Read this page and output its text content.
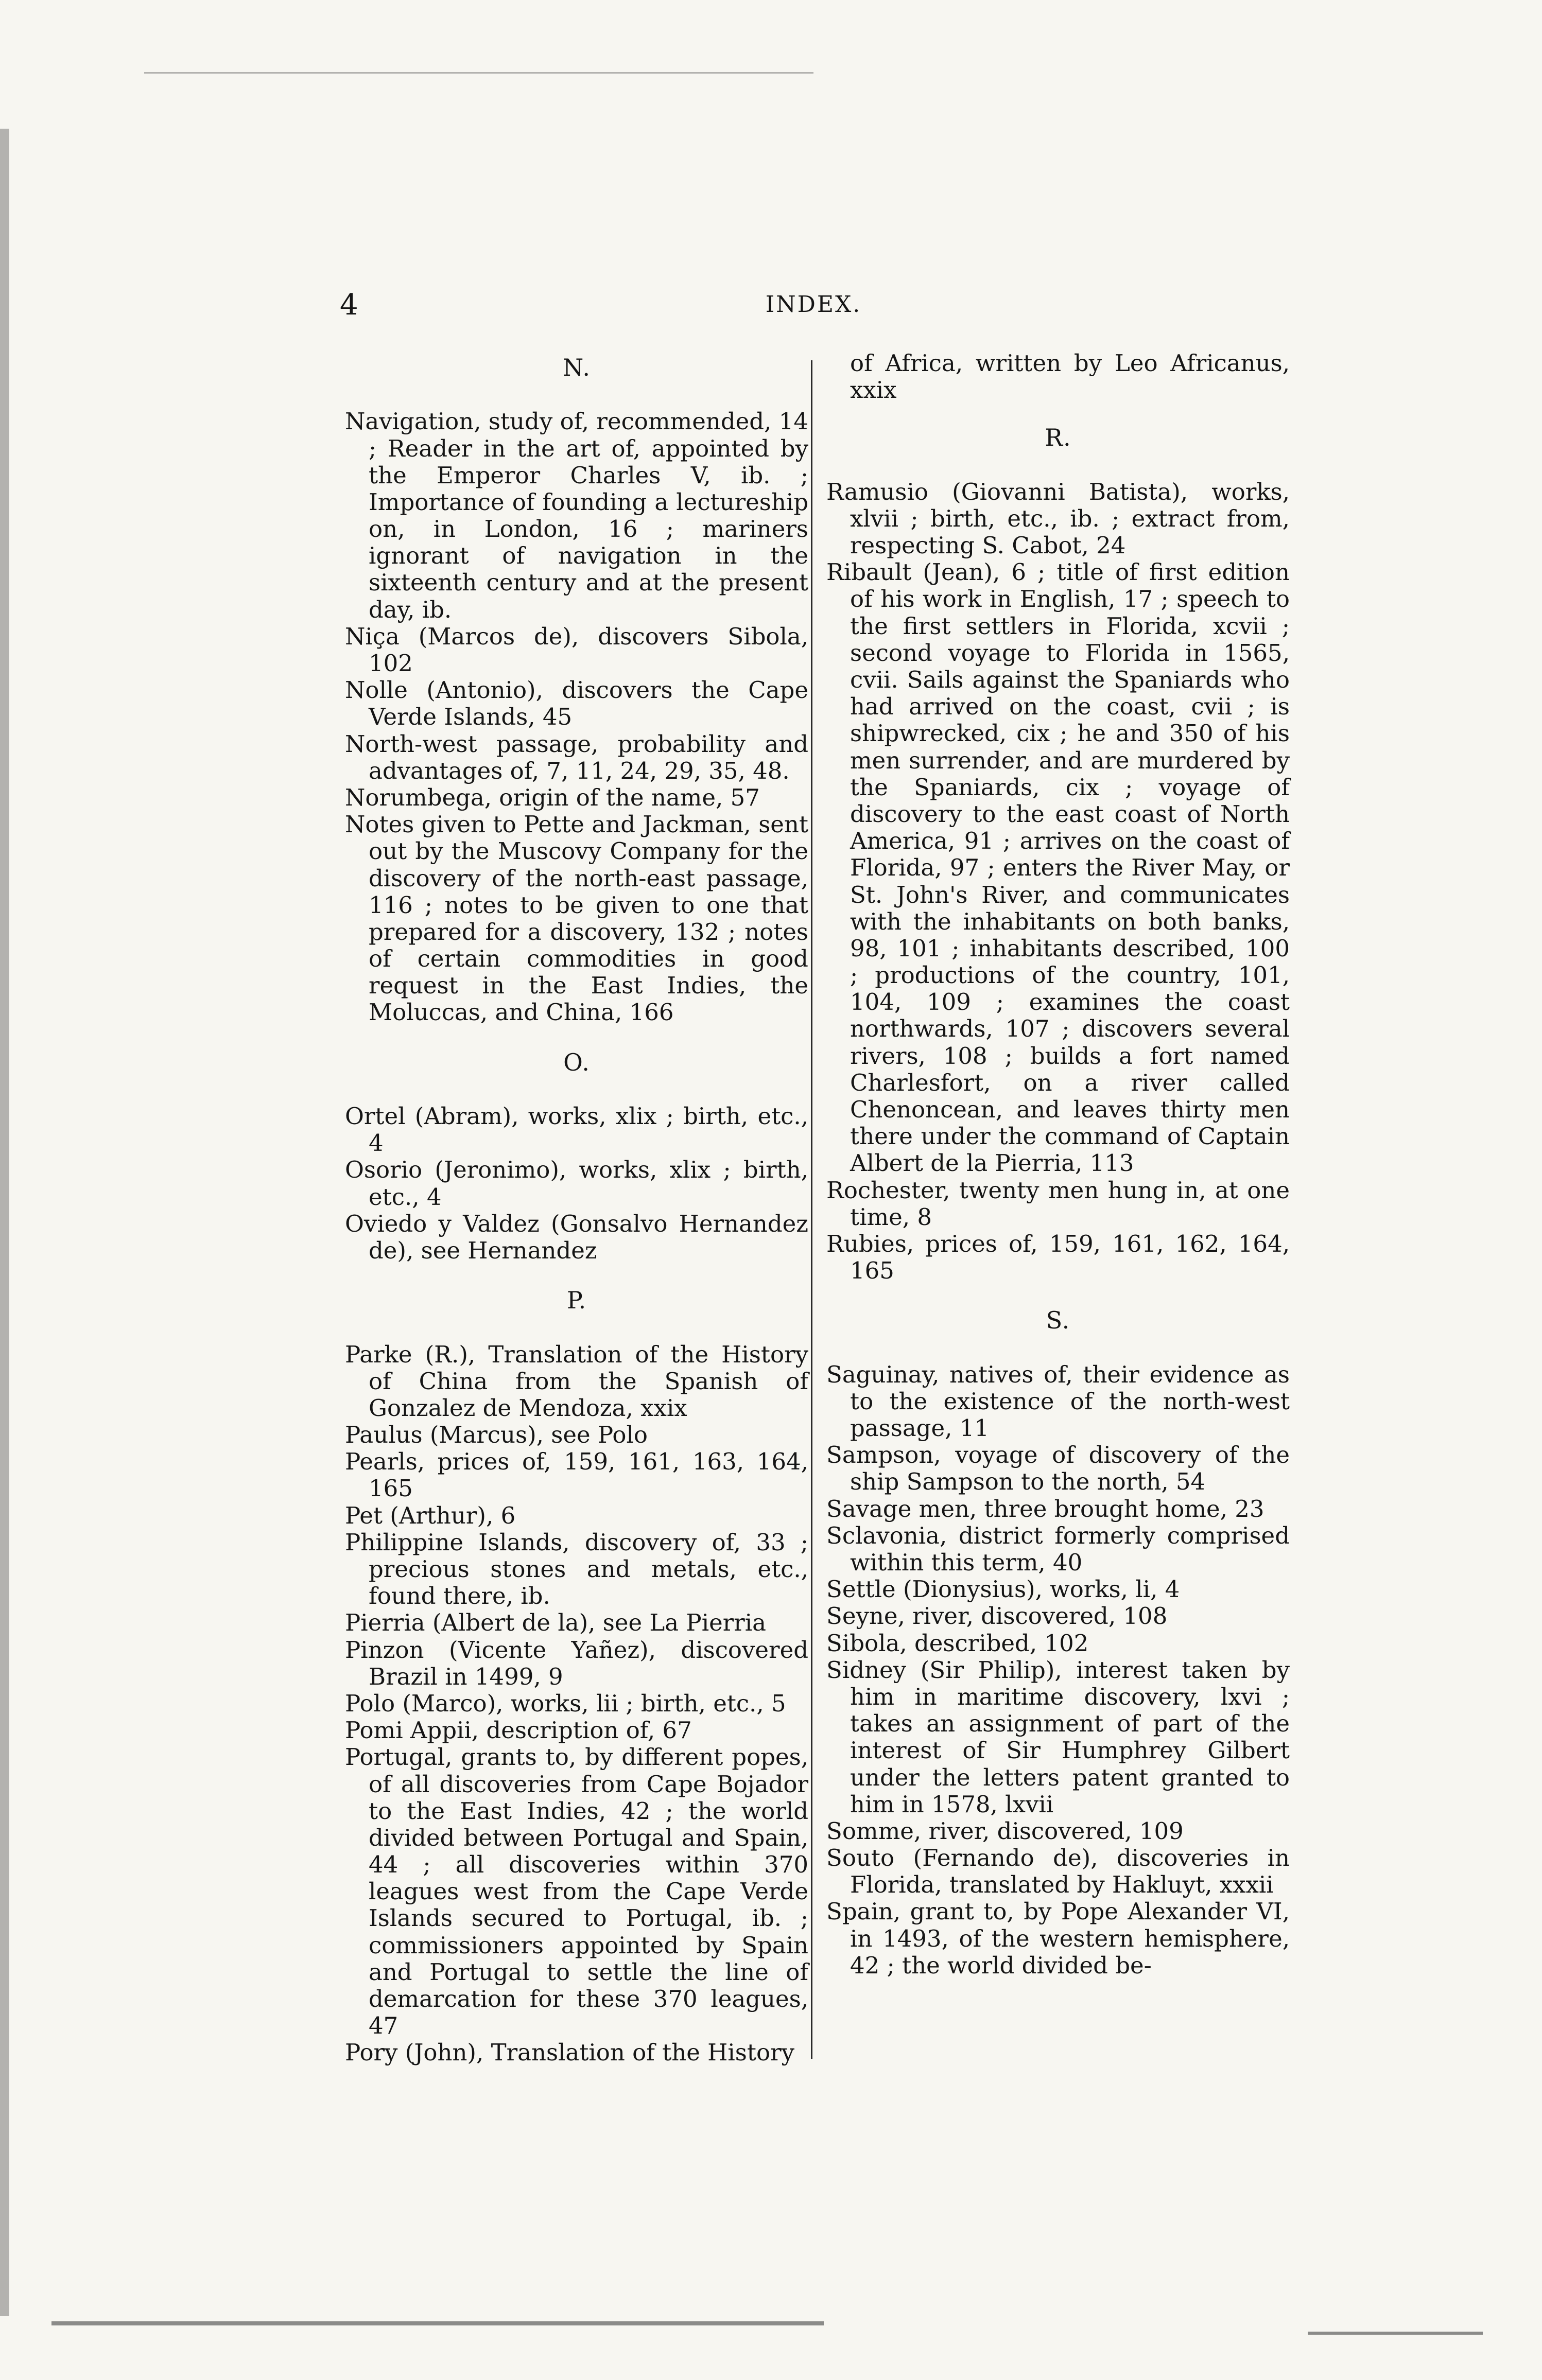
4	INDEX.
N.

Navigation, study of, recommended, 14 ; Reader in the art of, appointed by the Emperor Charles V, ib. ; Importance of founding a lectureship on, in London, 16 ; mariners ignorant of navigation in the sixteenth century and at the present day, ib.

Niça (Marcos de), discovers Sibola, 102

Nolle (Antonio), discovers the Cape Verde Islands, 45

North-west passage, probability and advantages of, 7, 11, 24, 29, 35, 48.

Norumbega, origin of the name, 57

Notes given to Pette and Jackman, sent out by the Muscovy Company for the discovery of the north-east passage, 116 ; notes to be given to one that prepared for a discovery, 132 ; notes of certain commodities in good request in the East Indies, the Moluccas, and China, 166

O.

Ortel (Abram), works, xlix ; birth, etc., 4

Osorio (Jeronimo), works, xlix ; birth, etc., 4

Oviedo y Valdez (Gonsalvo Hernandez de), see Hernandez

P.

Parke (R.), Translation of the History of China from the Spanish of Gonzalez de Mendoza, xxix

Paulus (Marcus), see Polo

Pearls, prices of, 159, 161, 163, 164, 165

Pet (Arthur), 6

Philippine Islands, discovery of, 33 ; precious stones and metals, etc., found there, ib.

Pierria (Albert de la), see La Pierria

Pinzon (Vicente Yañez), discovered Brazil in 1499, 9

Polo (Marco), works, lii ; birth, etc., 5

Pomi Appii, description of, 67

Portugal, grants to, by different popes, of all discoveries from Cape Bojador to the East Indies, 42 ; the world divided between Portugal and Spain, 44 ; all discoveries within 370 leagues west from the Cape Verde Islands secured to Portugal, ib. ; commissioners appointed by Spain and Portugal to settle the line of demarcation for these 370 leagues, 47

Pory (John), Translation of the History

of Africa, written by Leo Africanus, xxix

R.

Ramusio (Giovanni Batista), works, xlvii ; birth, etc., ib. ; extract from, respecting S. Cabot, 24

Ribault (Jean), 6 ; title of first edition of his work in English, 17 ; speech to the first settlers in Florida, xcvii ; second voyage to Florida in 1565, cvii. Sails against the Spaniards who had arrived on the coast, cvii ; is shipwrecked, cix ; he and 350 of his men surrender, and are murdered by the Spaniards, cix ; voyage of discovery to the east coast of North America, 91 ; arrives on the coast of Florida, 97 ; enters the River May, or St. John's River, and communicates with the inhabitants on both banks, 98, 101 ; inhabitants described, 100 ; productions of the country, 101, 104, 109 ; examines the coast northwards, 107 ; discovers several rivers, 108 ; builds a fort named Charlesfort, on a river called Chenoncean, and leaves thirty men there under the command of Captain Albert de la Pierria, 113

Rochester, twenty men hung in, at one time, 8

Rubies, prices of, 159, 161, 162, 164, 165

S.

Saguinay, natives of, their evidence as to the existence of the north-west passage, 11

Sampson, voyage of discovery of the ship Sampson to the north, 54

Savage men, three brought home, 23

Sclavonia, district formerly comprised within this term, 40

Settle (Dionysius), works, li, 4

Seyne, river, discovered, 108

Sibola, described, 102

Sidney (Sir Philip), interest taken by him in maritime discovery, lxvi ; takes an assignment of part of the interest of Sir Humphrey Gilbert under the letters patent granted to him in 1578, lxvii

Somme, river, discovered, 109

Souto (Fernando de), discoveries in Florida, translated by Hakluyt, xxxii

Spain, grant to, by Pope Alexander VI, in 1493, of the western hemisphere, 42 ; the world divided be-
